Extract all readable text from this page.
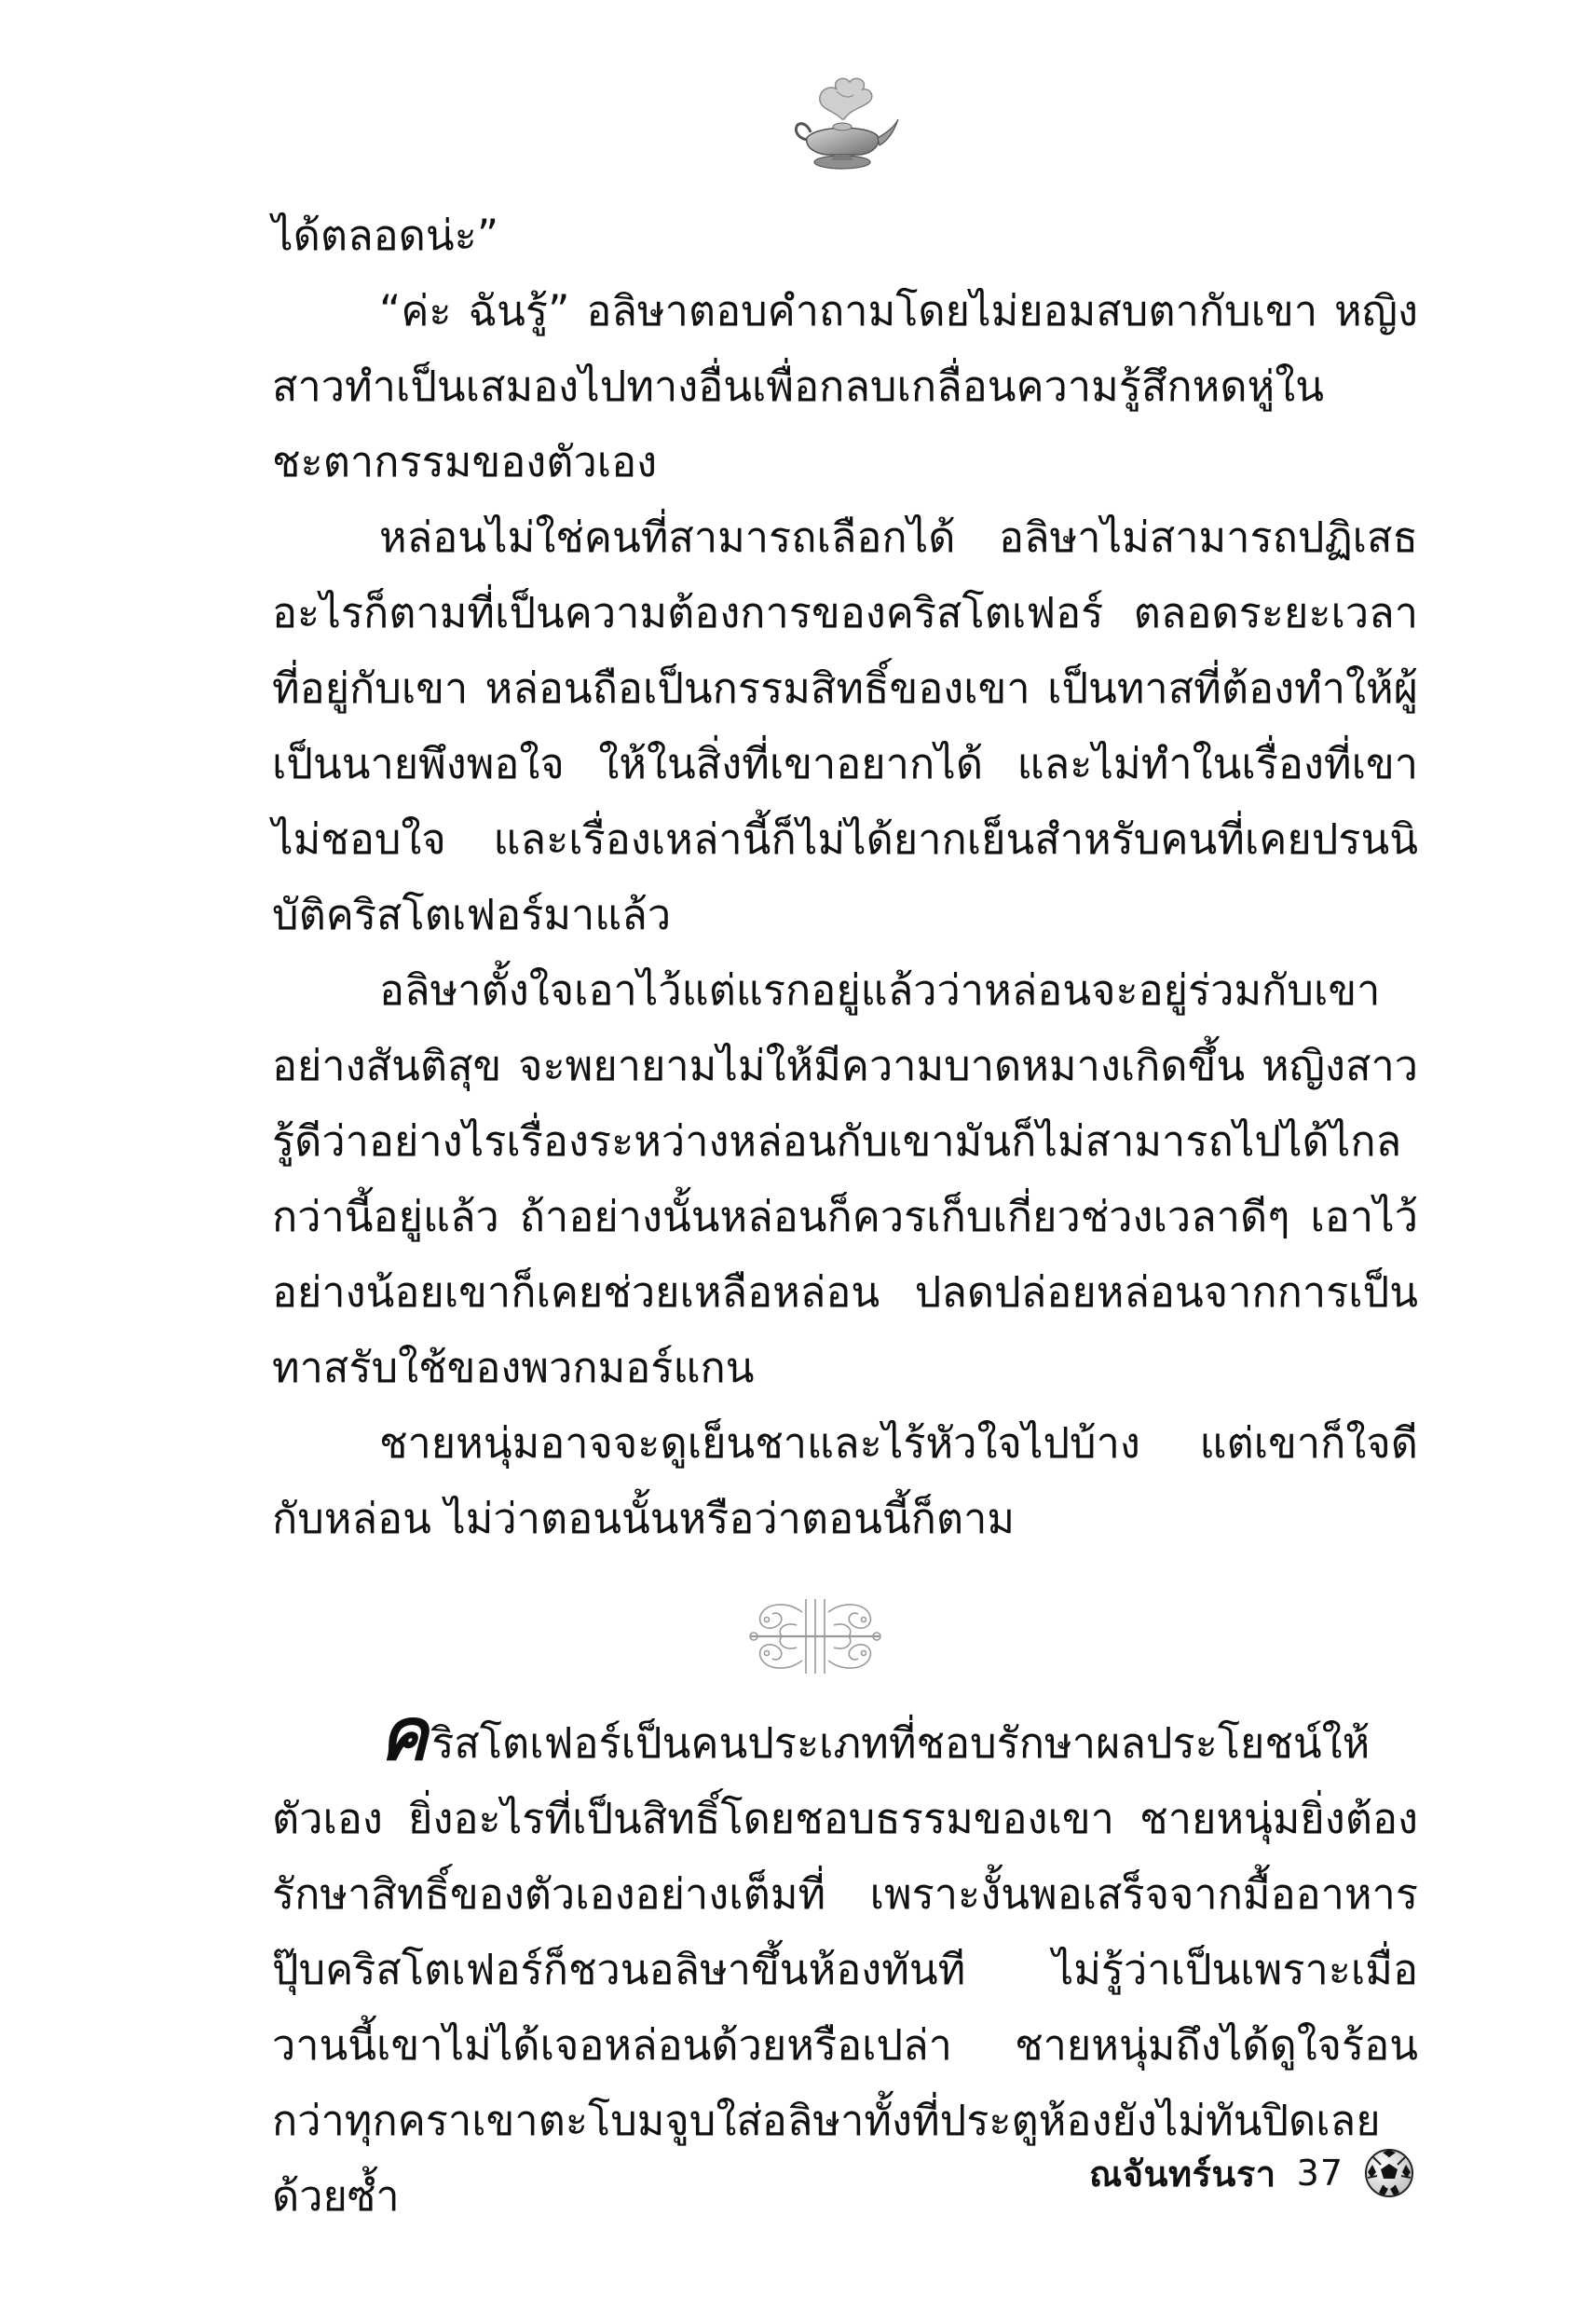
ได้ตลอดน่ะ”

“ค่ะ ฉันรู้” อลิษาตอบคำถามโดยไม่ยอมสบตากับเขา หญิงสาวทำเป็นเสมองไปทางอื่นเพื่อกลบเกลื่อนความรู้สึกหดหู่ในชะตากรรมของตัวเอง

หล่อนไม่ใช่คนที่สามารถเลือกได้ อลิษาไม่สามารถปฏิเสธอะไรก็ตามที่เป็นความต้องการของคริสโตเฟอร์ ตลอดระยะเวลาที่อยู่กับเขา หล่อนถือเป็นกรรมสิทธิ์ของเขา เป็นทาสที่ต้องทำให้ผู้เป็นนายพึงพอใจ ให้ในสิ่งที่เขาอยากได้ และไม่ทำในเรื่องที่เขาไม่ชอบใจ และเรื่องเหล่านี้ก็ไม่ได้ยากเย็นสำหรับคนที่เคยปรนนิบัติคริสโตเฟอร์มาแล้ว

อลิษาตั้งใจเอาไว้แต่แรกอยู่แล้วว่าหล่อนจะอยู่ร่วมกับเขาอย่างสันติสุข จะพยายามไม่ให้มีความบาดหมางเกิดขึ้น หญิงสาวรู้ดีว่าอย่างไรเรื่องระหว่างหล่อนกับเขามันก็ไม่สามารถไปได้ไกลกว่านี้อยู่แล้ว ถ้าอย่างนั้นหล่อนก็ควรเก็บเกี่ยวช่วงเวลาดีๆ เอาไว้อย่างน้อยเขาก็เคยช่วยเหลือหล่อน ปลดปล่อยหล่อนจากการเป็นทาสรับใช้ของพวกมอร์แกน

ชายหนุ่มอาจจะดูเย็นชาและไร้หัวใจไปบ้าง แต่เขาก็ใจดีกับหล่อน ไม่ว่าตอนนั้นหรือว่าตอนนี้ก็ตาม

คริสโตเฟอร์เป็นคนประเภทที่ชอบรักษาผลประโยชน์ให้ตัวเอง ยิ่งอะไรที่เป็นสิทธิ์โดยชอบธรรมของเขา ชายหนุ่มยิ่งต้องรักษาสิทธิ์ของตัวเองอย่างเต็มที่ เพราะงั้นพอเสร็จจากมื้ออาหารปุ๊บคริสโตเฟอร์ก็ชวนอลิษาขึ้นห้องทันที ไม่รู้ว่าเป็นเพราะเมื่อวานนี้เขาไม่ได้เจอหล่อนด้วยหรือเปล่า ชายหนุ่มถึงได้ดูใจร้อนกว่าทุกคราเขาตะโบมจูบใส่อลิษาทั้งที่ประตูห้องยังไม่ทันปิดเลยด้วยซ้ำ	ณจันทร์นรา 37
